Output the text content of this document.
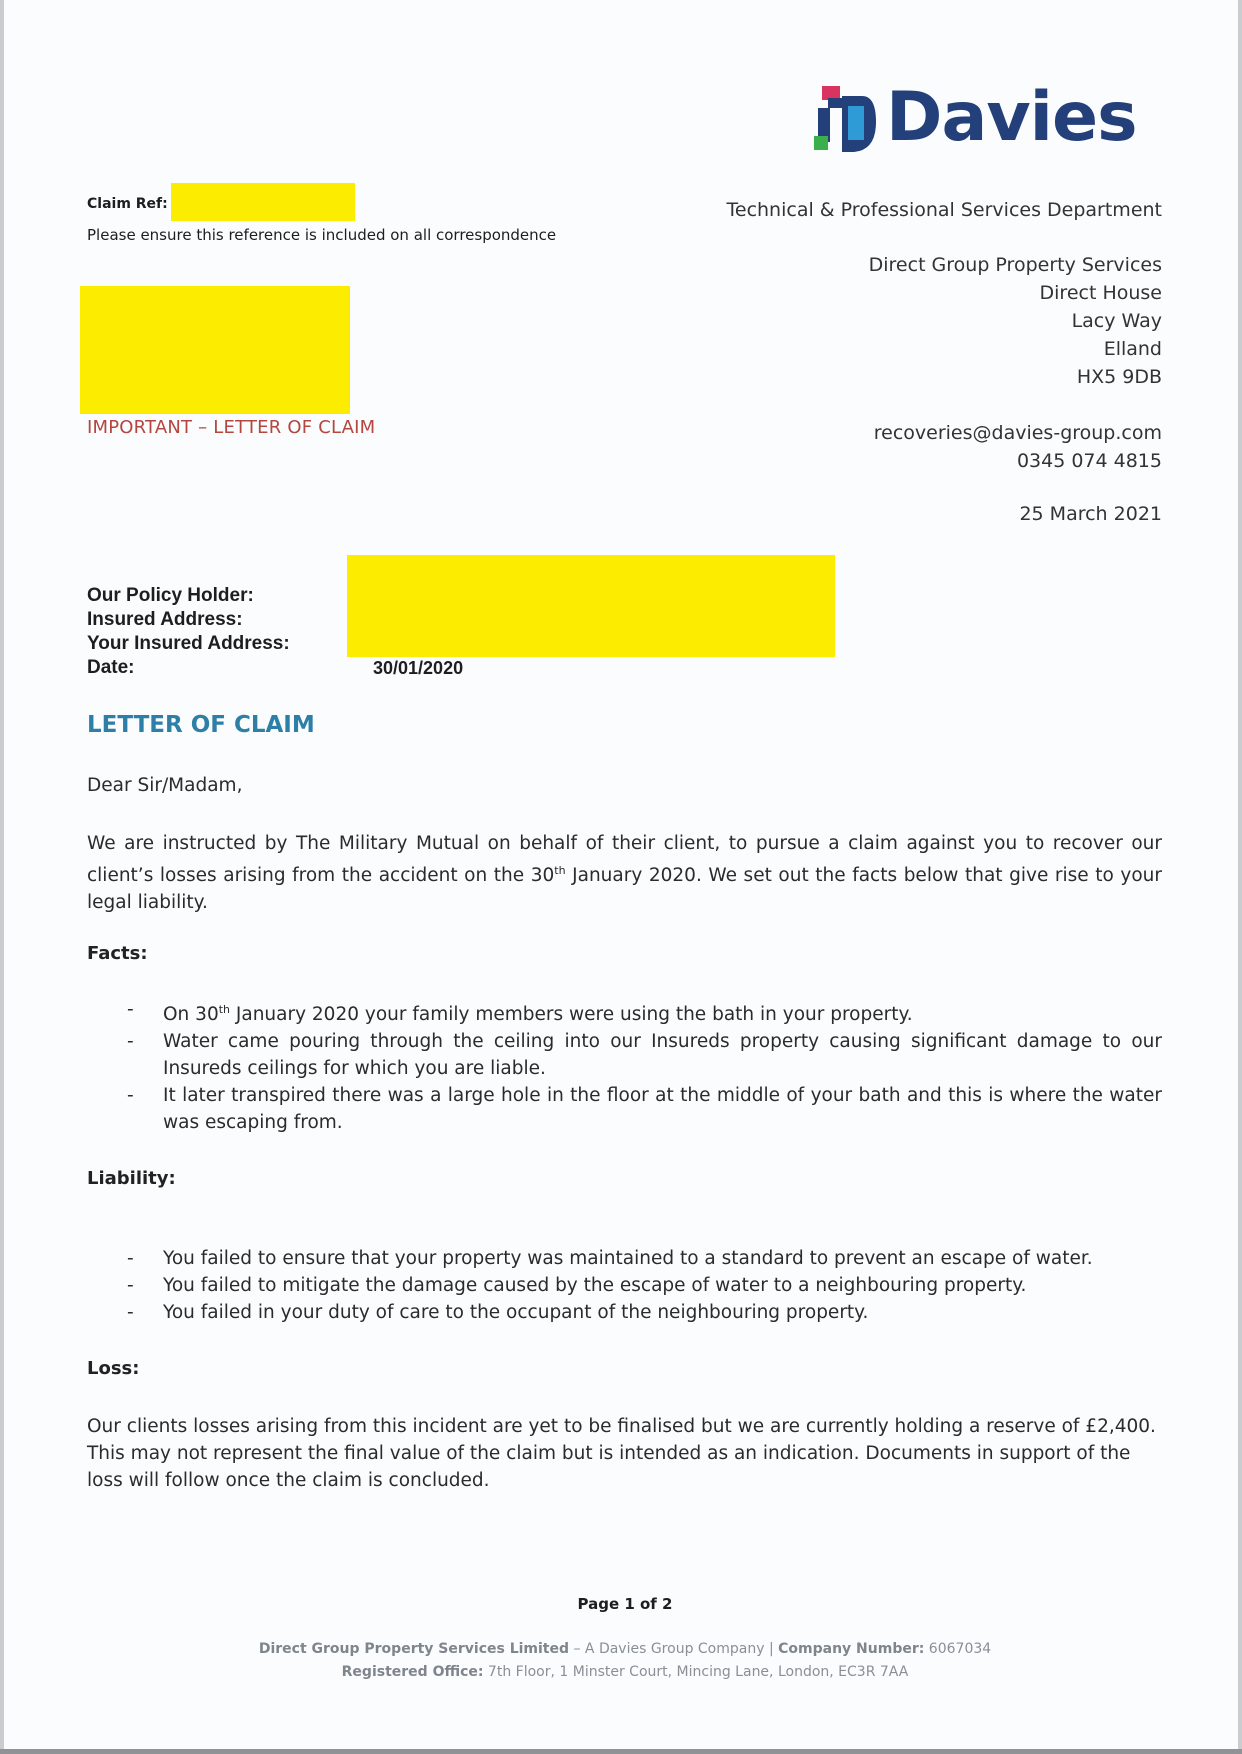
Davies
Claim Ref:
Please ensure this reference is included on all correspondence
Technical & Professional Services Department
Direct Group Property Services
Direct House
Lacy Way
Elland
HX5 9DB
IMPORTANT – LETTER OF CLAIM	recoveries@davies-group.com
0345 074 4815
25 March 2021
Our Policy Holder:
Insured Address:
Your Insured Address:
Date:	30/01/2020
LETTER OF CLAIM
Dear Sir/Madam,
We are instructed by The Military Mutual on behalf of their client, to pursue a claim against you to recover our client’s losses arising from the accident on the 30th January 2020. We set out the facts below that give rise to your legal liability.
Facts:
- On 30th January 2020 your family members were using the bath in your property.
- Water came pouring through the ceiling into our Insureds property causing significant damage to our Insureds ceilings for which you are liable.
- It later transpired there was a large hole in the floor at the middle of your bath and this is where the water was escaping from.
Liability:
- You failed to ensure that your property was maintained to a standard to prevent an escape of water.
- You failed to mitigate the damage caused by the escape of water to a neighbouring property.
- You failed in your duty of care to the occupant of the neighbouring property.
Loss:
Our clients losses arising from this incident are yet to be finalised but we are currently holding a reserve of £2,400. This may not represent the final value of the claim but is intended as an indication. Documents in support of the loss will follow once the claim is concluded.
Page 1 of 2
Direct Group Property Services Limited – A Davies Group Company | Company Number: 6067034
Registered Office: 7th Floor, 1 Minster Court, Mincing Lane, London, EC3R 7AA
